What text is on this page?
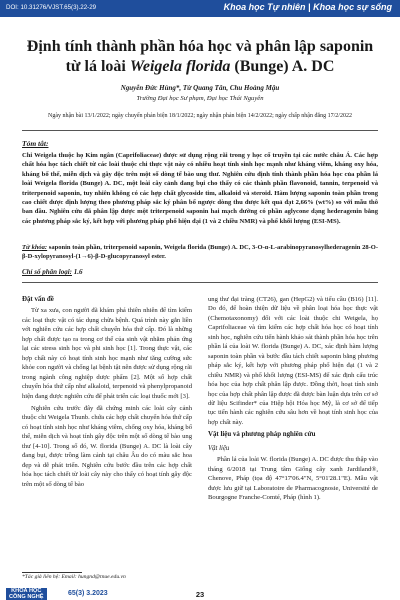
DOI: 10.31276/VJST.65(3).22-29	Khoa học Tự nhiên | Khoa học sự sống
Định tính thành phần hóa học và phân lập saponin từ lá loài Weigela florida (Bunge) A. DC
Nguyễn Đức Hùng*, Từ Quang Tân, Chu Hoàng Mậu
Trường Đại học Sư phạm, Đại học Thái Nguyên
Ngày nhận bài 13/1/2022; ngày chuyển phản biện 18/1/2022; ngày nhận phản biện 14/2/2022; ngày chấp nhận đăng 17/2/2022
Tóm tắt:
Chi Weigela thuộc họ Kim ngân (Caprifoliaceae) được sử dụng rộng rãi trong y học cổ truyền tại các nước châu Á. Các hợp chất hóa học tách chiết từ các loài thuộc chi thực vật này có nhiều hoạt tính sinh học mạnh như kháng viêm, kháng oxy hóa, kháng bổ thể, miễn dịch và gây độc trên một số dòng tế bào ung thư. Nghiên cứu định tính thành phần hóa học của phần lá loài Weigela florida (Bunge) A. DC, một loài cây cảnh đang bụi cho thấy có các thành phần flavonoid, tannin, terpenoid và triterpenoid saponin, tuy nhiên không có các hợp chất glycoside tim, alkaloid và steroid. Hàm lượng saponin toàn phần trong cao chiết được định lượng theo phương pháp sắc ký phân bố ngược dòng thu được kết quả đạt 2,66% (wt%) so với mẫu thô ban đầu. Nghiên cứu đã phân lập được một triterpenoid saponin hai mạch đường có phần aglycone dạng hederagenin bằng các phương pháp sắc ký, kết hợp với phương pháp phổ hiện đại (1 và 2 chiều NMR) và phổ khối lượng (ESI-MS).
Từ khóa: saponin toàn phần, triterpenoid saponin, Weigela florida (Bunge) A. DC, 3-O-α-L-arabinopyranosylhederagenin 28-O-β-D-xylopyranosyl-(1→6)-β-D-glucopyranosyl ester.
Chỉ số phân loại: 1.6
Đặt vấn đề

Từ xa xưa, con người đã khám phá thiên nhiên để tìm kiếm các loại thực vật có tác dụng chữa bệnh. Quá trình này gắn liền với nghiên cứu các hợp chất chuyển hóa thứ cấp. Đó là những hợp chất được tạo ra trong cơ thể của sinh vật nhằm phản ứng lại các stress sinh học và phi sinh học [1]. Trong thực vật, các hợp chất này có hoạt tính sinh học mạnh như tăng cường sức khỏe con người và chống lại bệnh tật nên được sử dụng rộng rãi trong ngành công nghiệp dược phẩm [2]. Một số hợp chất chuyển hóa thứ cấp như alkaloid, terpenoid và phenylpropanoid hiện đang được nghiên cứu để phát triển các loại thuốc mới [3].

Nghiên cứu trước đây đã chứng minh các loài cây cảnh thuộc chi Weigela Thunb. chứa các hợp chất chuyển hóa thứ cấp có hoạt tính sinh học như kháng viêm, chống oxy hóa, kháng bổ thể, miễn dịch và hoạt tính gây độc trên một số dòng tế bào ung thư [4-10]. Trong số đó, W. florida (Bunge) A. DC là loài cây đang bụi, được trồng làm cảnh tại châu Âu do có màu sắc hoa đẹp và dễ phát triển. Nghiên cứu bước đầu trên các hợp chất hóa học tách chiết từ loài cây này cho thấy có hoạt tính gây độc trên một số dòng tế bào

ung thư đại tràng (CT26), gan (HepG2) và tiểu cầu (B16) [11]. Do đó, để hoàn thiện dữ liệu về phân loại hóa học thực vật (Chemotaxonomy) đối với các loài thuộc chi Weigela, họ Caprifoliaceae và tìm kiếm các hợp chất hóa học có hoạt tính sinh học, nghiên cứu tiến hành khảo sát thành phần hóa học trên phần lá của loài W. florida (Bunge) A. DC, xác định hàm lượng saponin toàn phần và bước đầu tách chiết saponin bằng phương pháp sắc ký, kết hợp với phương pháp phổ hiện đại (1 và 2 chiều NMR) và phổ khối lượng (ESI-MS) để xác định cấu trúc hóa học của hợp chất phân lập được. Đồng thời, hoạt tính sinh học của hợp chất phân lập được đã được bàn luận dựa trên cơ sở dữ liệu Scifinder* của Hiệp hội Hóa học Mỹ, là cơ sở để tiếp tục tiến hành các nghiên cứu sâu hơn về hoạt tính sinh học của hợp chất này.

Vật liệu và phương pháp nghiên cứu
Vật liệu

Phần lá của loài W. florida (Bunge) A. DC được thu thập vào tháng 6/2018 tại Trung tâm Giống cây xanh Jardiland®, Chenove, Pháp (tọa độ 47°17'06.4"N, 5°01'28.1"E). Mẫu vật được lưu giữ tại Laboratoire de Pharmacognosie, Université de Bourgogne Franche-Comté, Pháp (hình 1).

*Tác giả liên hệ: Email: hungnd@tnue.edu.vn
KHOA HỌC
CÔNG NGHỆ	65(3) 3.2023	23
